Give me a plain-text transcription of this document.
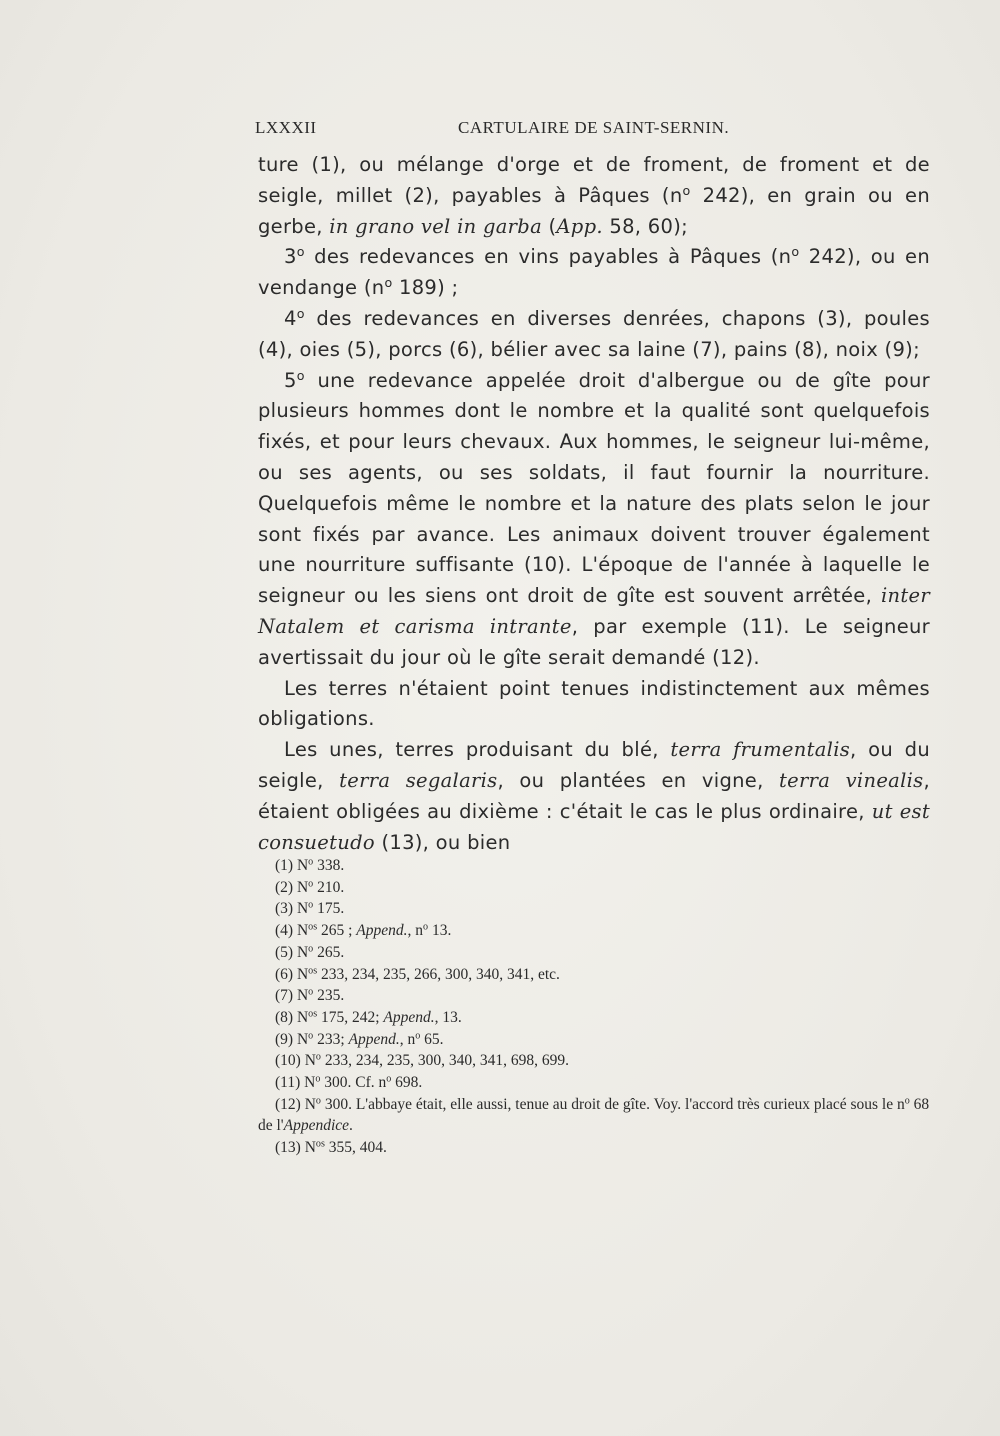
LXXXII	CARTULAIRE DE SAINT-SERNIN.

ture (1), ou mélange d'orge et de froment, de froment et de seigle, millet (2), payables à Pâques ($n^o$ 242), en grain ou en gerbe, in grano vel in garba (App. 58, 60);

3$^o$ des redevances en vins payables à Pâques ($n^o$ 242), ou en vendange ($n^o$ 189) ;

4$^o$ des redevances en diverses denrées, chapons (3), poules (4), oies (5), porcs (6), bélier avec sa laine (7), pains (8), noix (9);

5$^o$ une redevance appelée droit d'albergue ou de gîte pour plusieurs hommes dont le nombre et la qualité sont quelquefois fixés, et pour leurs chevaux. Aux hommes, le seigneur lui-même, ou ses agents, ou ses soldats, il faut fournir la nourriture. Quelquefois même le nombre et la nature des plats selon le jour sont fixés par avance. Les animaux doivent trouver également une nourriture suffisante (10). L'époque de l'année à laquelle le seigneur ou les siens ont droit de gîte est souvent arrêtée, inter Natalem et carisma intrante, par exemple (11). Le seigneur avertissait du jour où le gîte serait demandé (12).

Les terres n'étaient point tenues indistinctement aux mêmes obligations.

Les unes, terres produisant du blé, terra frumentalis, ou du seigle, terra segalaris, ou plantées en vigne, terra vinealis, étaient obligées au dixième : c'était le cas le plus ordinaire, ut est consuetudo (13), ou bien

(1) $N^o$ 338.

(2) $N^o$ 210.

(3) $N^o$ 175.

(4) $N^{os}$ 265 ; Append., $n^o$ 13.

(5) $N^o$ 265.

(6) $N^{os}$ 233, 234, 235, 266, 300, 340, 341, etc.

(7) $N^o$ 235.

(8) $N^{os}$ 175, 242; Append., 13.

(9) $N^o$ 233; Append., $n^o$ 65.

(10) $N^o$ 233, 234, 235, 300, 340, 341, 698, 699.

(11) $N^o$ 300. Cf. $n^o$ 698.

(12) $N^o$ 300. L'abbaye était, elle aussi, tenue au droit de gîte. Voy. l'accord très curieux placé sous le $n^o$ 68 de l'Appendice.

(13) $N^{os}$ 355, 404.
